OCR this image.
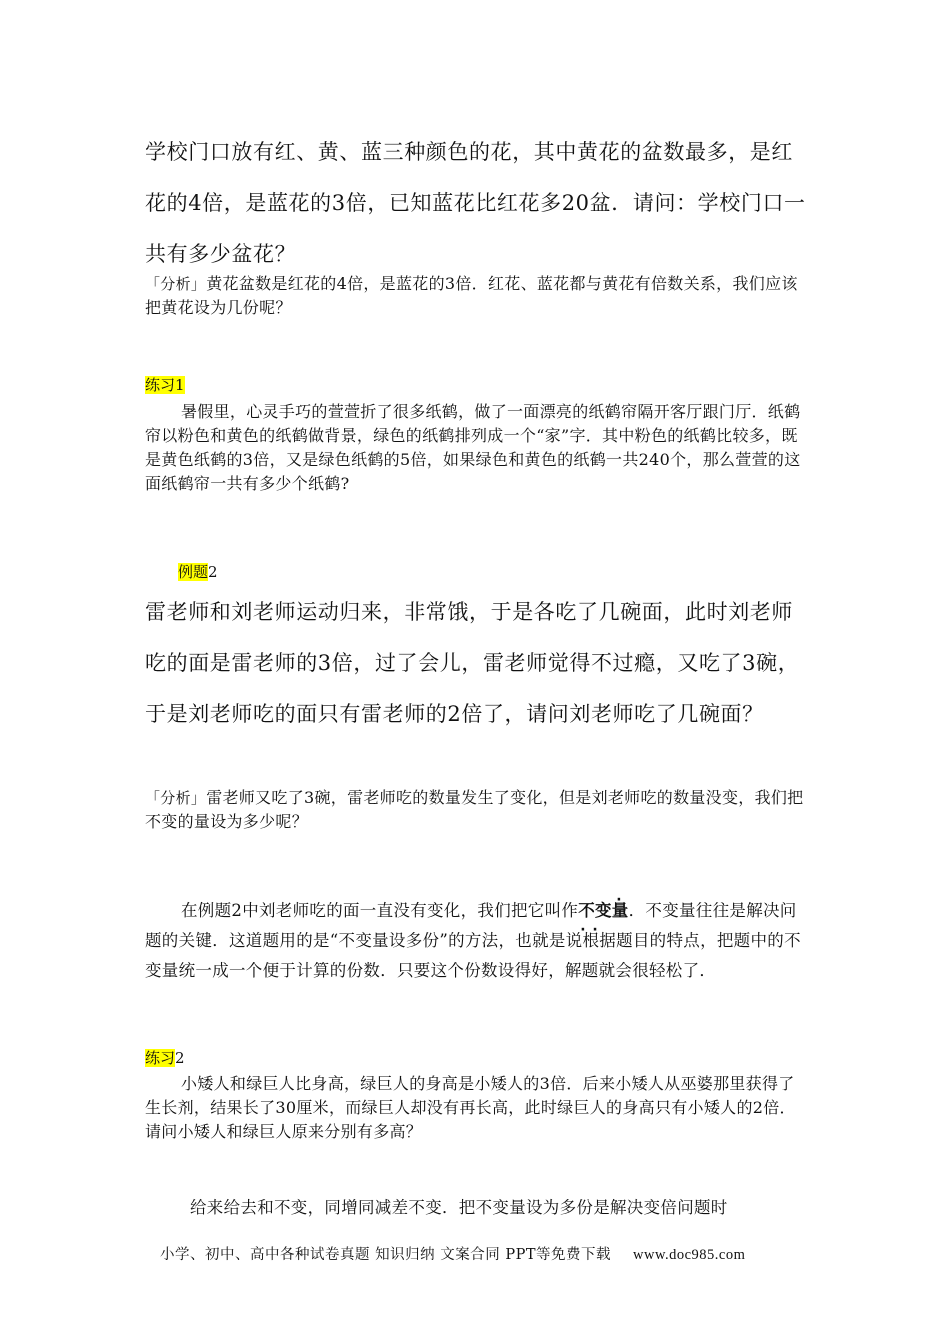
学校门口放有红、黄、蓝三种颜色的花，其中黄花的盆数最多，是红花的4倍，是蓝花的3倍，已知蓝花比红花多20盆．请问：学校门口一共有多少盆花？

「分析」黄花盆数是红花的4倍，是蓝花的3倍．红花、蓝花都与黄花有倍数关系，我们应该把黄花设为几份呢？

练习1

暑假里，心灵手巧的萱萱折了很多纸鹤，做了一面漂亮的纸鹤帘隔开客厅跟门厅．纸鹤帘以粉色和黄色的纸鹤做背景，绿色的纸鹤排列成一个“家”字．其中粉色的纸鹤比较多，既是黄色纸鹤的3倍，又是绿色纸鹤的5倍，如果绿色和黄色的纸鹤一共240个，那么萱萱的这面纸鹤帘一共有多少个纸鹤?

例题2

雷老师和刘老师运动归来，非常饿，于是各吃了几碗面，此时刘老师吃的面是雷老师的3倍，过了会儿，雷老师觉得不过瘾，又吃了3碗，于是刘老师吃的面只有雷老师的2倍了，请问刘老师吃了几碗面？

「分析」雷老师又吃了3碗，雷老师吃的数量发生了变化，但是刘老师吃的数量没变，我们把不变的量设为多少呢？

在例题2中刘老师吃的面一直没有变化，我们把它叫作· · · 不变量．不变量往往是解决问题的关键．这道题用的是“不变量设多份”的方法，也就是说根据题目的特点，把题中的不变量统一成一个便于计算的份数．只要这个份数设得好，解题就会很轻松了．

练习2

小矮人和绿巨人比身高，绿巨人的身高是小矮人的3倍．后来小矮人从巫婆那里获得了生长剂，结果长了30厘米，而绿巨人却没有再长高，此时绿巨人的身高只有小矮人的2倍．请问小矮人和绿巨人原来分别有多高？

给来给去和不变，同增同减差不变．把不变量设为多份是解决变倍问题时

小学、初中、高中各种试卷真题 知识归纳 文案合同 PPT等免费下载 www.doc985.com
